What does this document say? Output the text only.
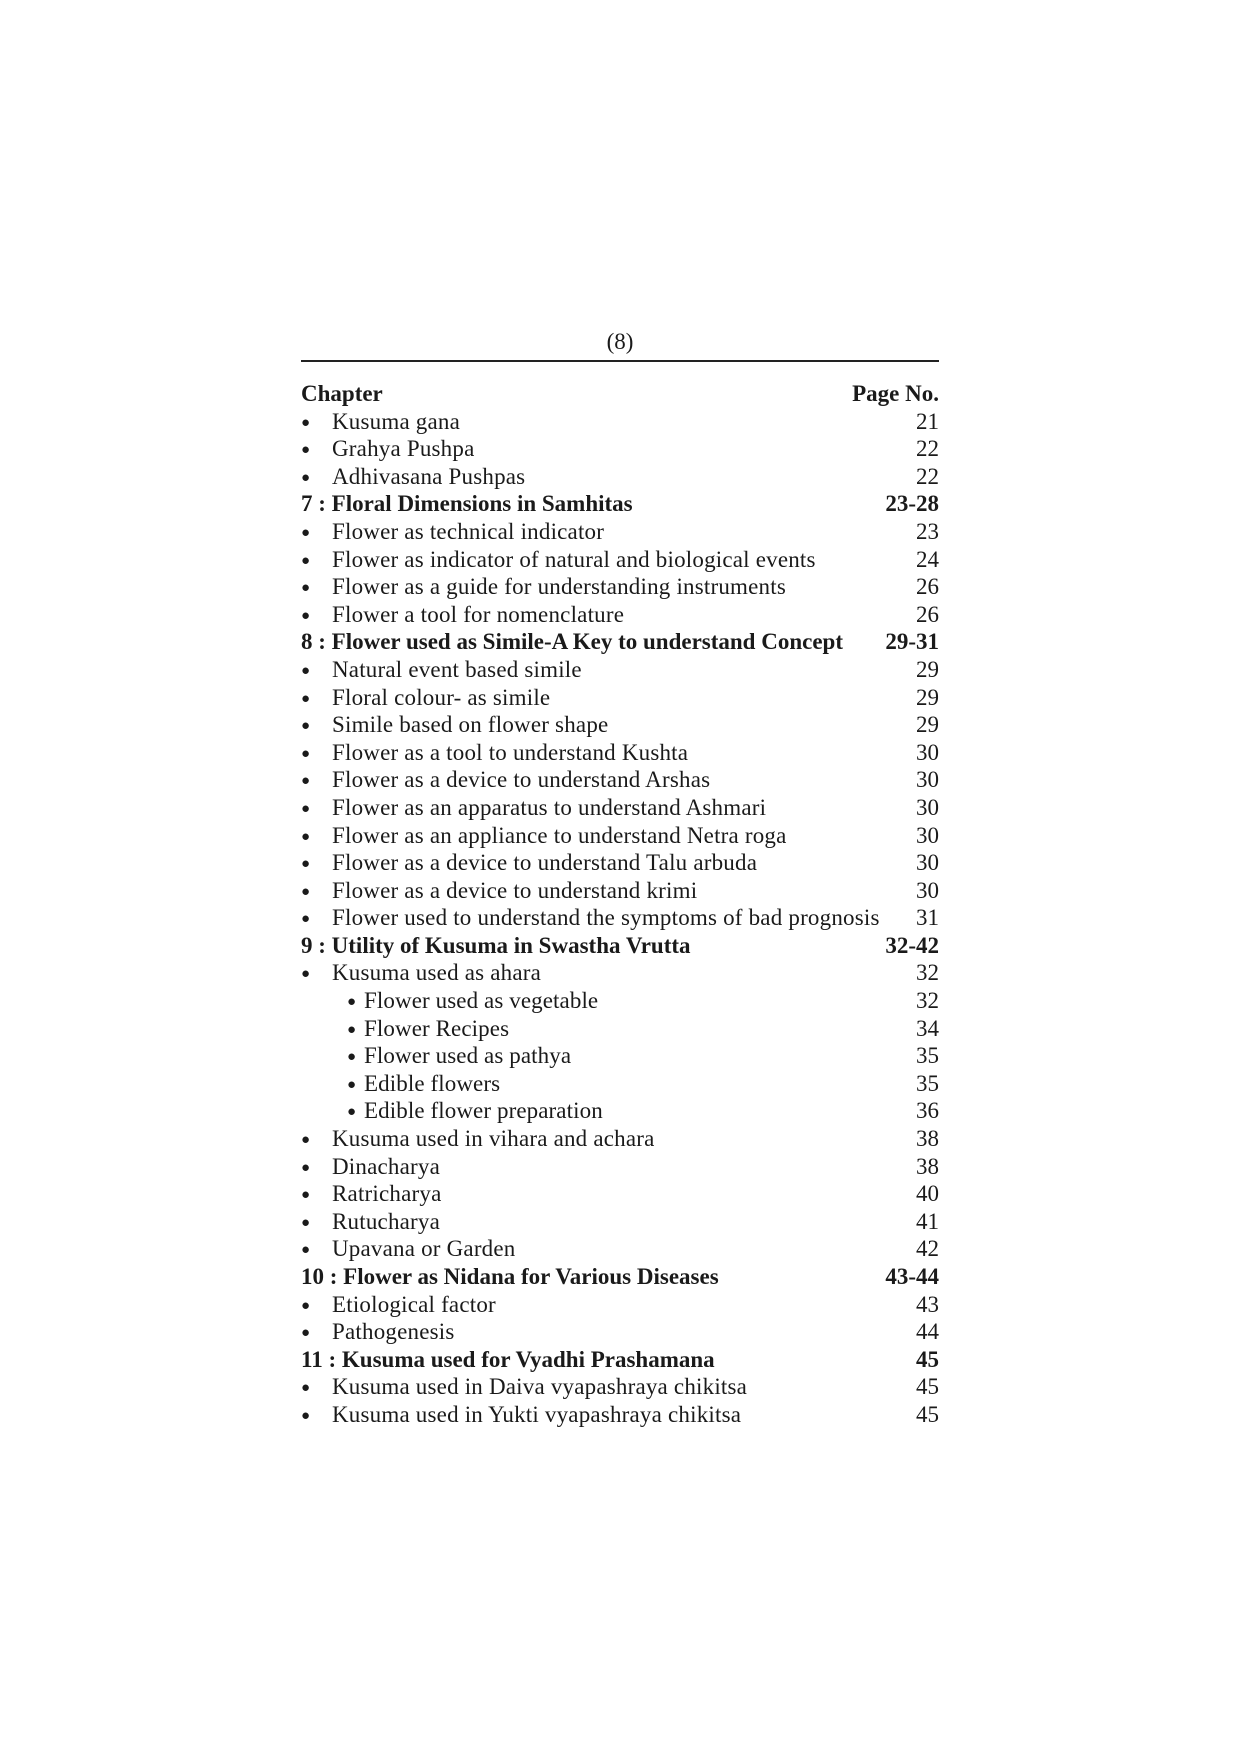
(8)
Chapter	Page No.
● Kusuma gana	21
● Grahya Pushpa	22
● Adhivasana Pushpas	22
7 : Floral Dimensions in Samhitas	23-28
● Flower as technical indicator	23
● Flower as indicator of natural and biological events	24
● Flower as a guide for understanding instruments	26
● Flower a tool for nomenclature	26
8 : Flower used as Simile-A Key to understand Concept	29-31
● Natural event based simile	29
● Floral colour- as simile	29
● Simile based on flower shape	29
● Flower as a tool to understand Kushta	30
● Flower as a device to understand Arshas	30
● Flower as an apparatus to understand Ashmari	30
● Flower as an appliance to understand Netra roga	30
● Flower as a device to understand Talu arbuda	30
● Flower as a device to understand krimi	30
● Flower used to understand the symptoms of bad prognosis	31
9 : Utility of Kusuma in Swastha Vrutta	32-42
● Kusuma used as ahara	32
● Flower used as vegetable	32
● Flower Recipes	34
● Flower used as pathya	35
● Edible flowers	35
● Edible flower preparation	36
● Kusuma used in vihara and achara	38
● Dinacharya	38
● Ratricharya	40
● Rutucharya	41
● Upavana or Garden	42
10 : Flower as Nidana for Various Diseases	43-44
● Etiological factor	43
● Pathogenesis	44
11 : Kusuma used for Vyadhi Prashamana	45
● Kusuma used in Daiva vyapashraya chikitsa	45
● Kusuma used in Yukti vyapashraya chikitsa	45
